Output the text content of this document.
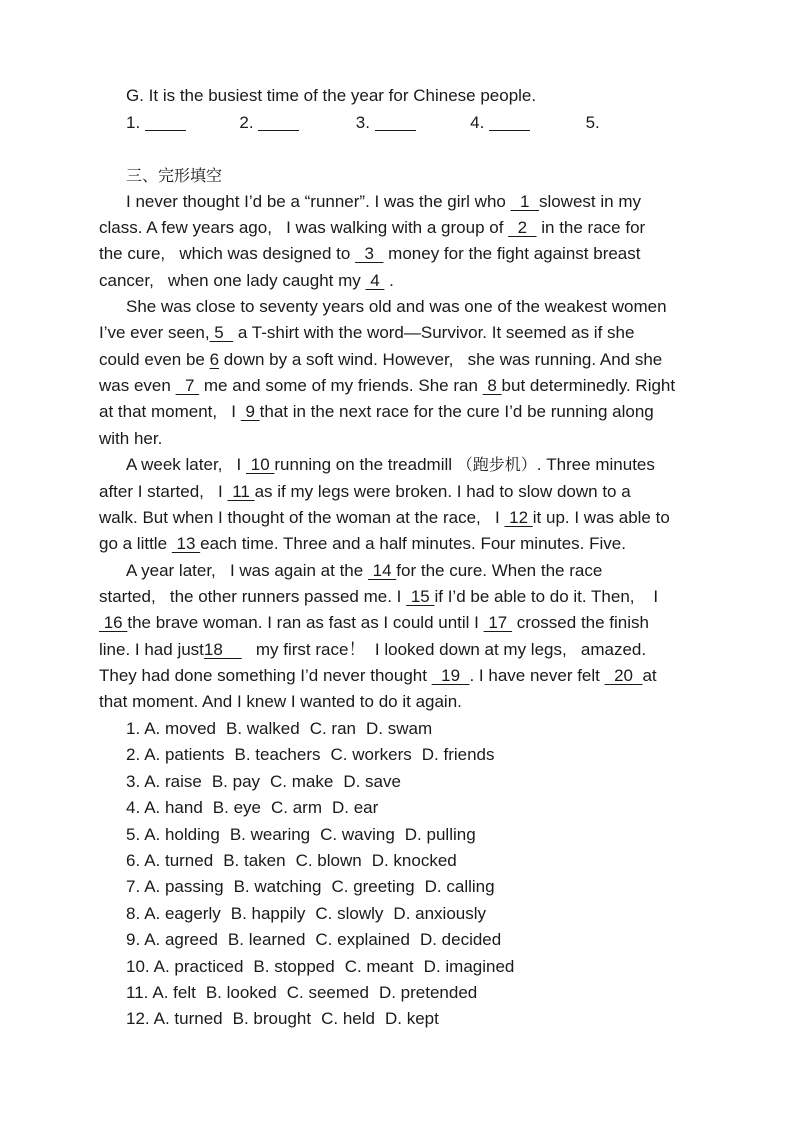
G. It is the busiest time of the year for Chinese people.
1.	2.	3.	4.	5.
三、完形填空
I never thought I’d be a “runner”. I was the girl who   1  slowest in my
class. A few years ago,   I was walking with a group of   2   in the race for
the cure,   which was designed to   3   money for the fight against breast
cancer,   when one lady caught my  4  .
She was close to seventy years old and was one of the weakest women
I’ve ever seen, 5   a T-shirt with the word—Survivor. It seemed as if she
could even be 6 down by a soft wind. However,   she was running. And she
was even   7  me and some of my friends. She ran  8 but determinedly. Right
at that moment,   I  9 that in the next race for the cure I’d be running along
with her.
A week later,   I  10 running on the treadmill （跑步机）. Three minutes
after I started,   I  11 as if my legs were broken. I had to slow down to a
walk. But when I thought of the woman at the race,   I  12 it up. I was able to
go a little  13 each time. Three and a half minutes. Four minutes. Five.
A year later,   I was again at the  14 for the cure. When the race
started,   the other runners passed me. I  15 if I’d be able to do it. Then,    I
16 the brave woman. I ran as fast as I could until I  17  crossed the finish
line. I had just18       my first race！  I looked down at my legs,   amazed.
They had done something I’d never thought   19  . I have never felt   20  at
that moment. And I knew I wanted to do it again.
1. A. moved B. walked C. ran D. swam
2. A. patients B. teachers C. workers D. friends
3. A. raise B. pay C. make D. save
4. A. hand B. eye C. arm D. ear
5. A. holding B. wearing C. waving D. pulling
6. A. turned B. taken C. blown D. knocked
7. A. passing B. watching C. greeting D. calling
8. A. eagerly B. happily C. slowly D. anxiously
9. A. agreed B. learned C. explained D. decided
10. A. practiced B. stopped C. meant D. imagined
11. A. felt B. looked C. seemed D. pretended
12. A. turned B. brought C. held D. kept
